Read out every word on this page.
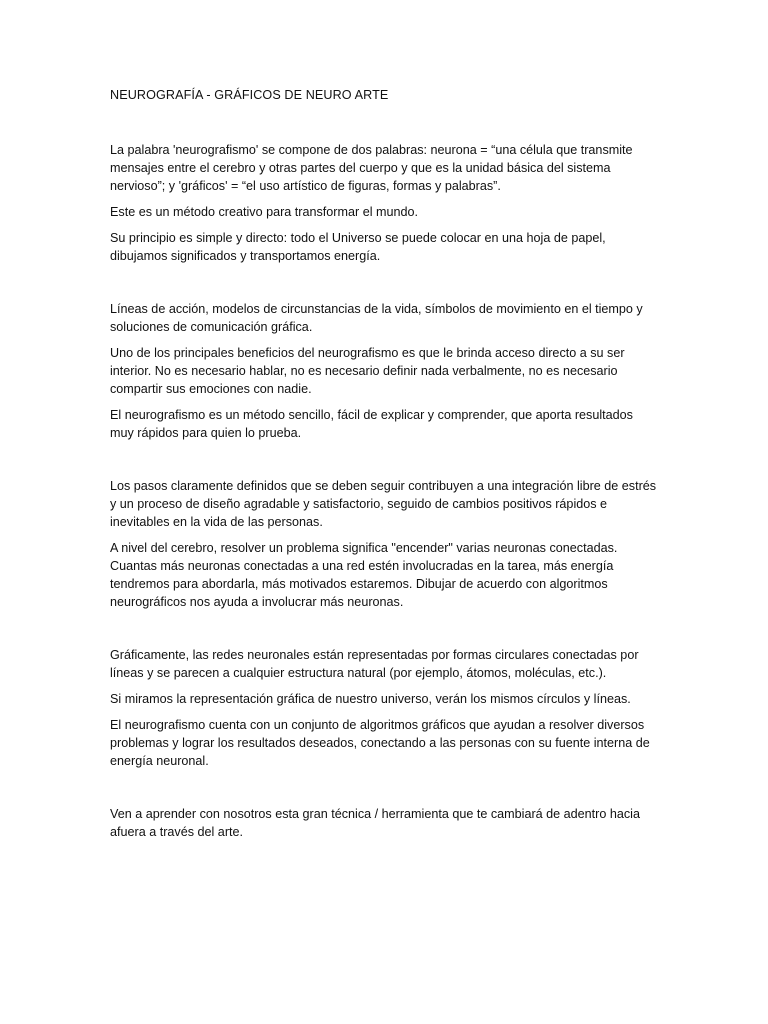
NEUROGRAFÍA - GRÁFICOS DE NEURO ARTE

La palabra 'neurografismo' se compone de dos palabras: neurona = “una célula que transmite mensajes entre el cerebro y otras partes del cuerpo y que es la unidad básica del sistema nervioso”; y 'gráficos' = “el uso artístico de figuras, formas y palabras”.

Este es un método creativo para transformar el mundo.

Su principio es simple y directo: todo el Universo se puede colocar en una hoja de papel, dibujamos significados y transportamos energía.

Líneas de acción, modelos de circunstancias de la vida, símbolos de movimiento en el tiempo y soluciones de comunicación gráfica.

Uno de los principales beneficios del neurografismo es que le brinda acceso directo a su ser interior. No es necesario hablar, no es necesario definir nada verbalmente, no es necesario compartir sus emociones con nadie.

El neurografismo es un método sencillo, fácil de explicar y comprender, que aporta resultados muy rápidos para quien lo prueba.

Los pasos claramente definidos que se deben seguir contribuyen a una integración libre de estrés y un proceso de diseño agradable y satisfactorio, seguido de cambios positivos rápidos e inevitables en la vida de las personas.

A nivel del cerebro, resolver un problema significa "encender" varias neuronas conectadas. Cuantas más neuronas conectadas a una red estén involucradas en la tarea, más energía tendremos para abordarla, más motivados estaremos. Dibujar de acuerdo con algoritmos neurográficos nos ayuda a involucrar más neuronas.

Gráficamente, las redes neuronales están representadas por formas circulares conectadas por líneas y se parecen a cualquier estructura natural (por ejemplo, átomos, moléculas, etc.).

Si miramos la representación gráfica de nuestro universo, verán los mismos círculos y líneas.

El neurografismo cuenta con un conjunto de algoritmos gráficos que ayudan a resolver diversos problemas y lograr los resultados deseados, conectando a las personas con su fuente interna de energía neuronal.

Ven a aprender con nosotros esta gran técnica / herramienta que te cambiará de adentro hacia afuera a través del arte.
